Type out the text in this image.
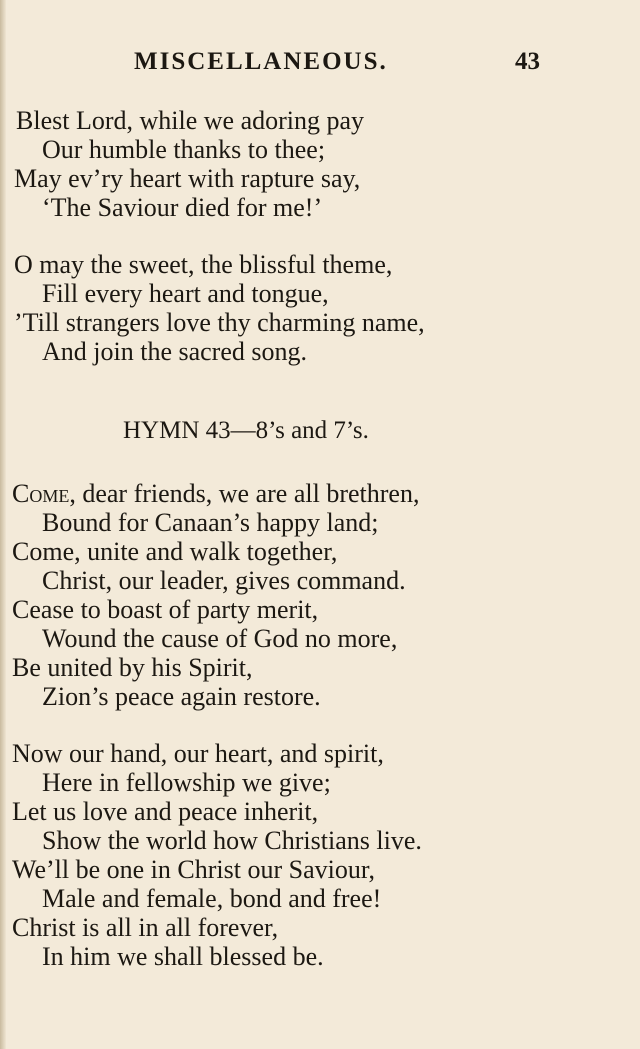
MISCELLANEOUS.	43
Blest Lord, while we adoring pay
Our humble thanks to thee;
May ev’ry heart with rapture say,
‘The Saviour died for me!’
O may the sweet, the blissful theme,
Fill every heart and tongue,
’Till strangers love thy charming name,
And join the sacred song.
HYMN 43—8’s and 7’s.
Come, dear friends, we are all brethren,
Bound for Canaan’s happy land;
Come, unite and walk together,
Christ, our leader, gives command.
Cease to boast of party merit,
Wound the cause of God no more,
Be united by his Spirit,
Zion’s peace again restore.
Now our hand, our heart, and spirit,
Here in fellowship we give;
Let us love and peace inherit,
Show the world how Christians live.
We’ll be one in Christ our Saviour,
Male and female, bond and free!
Christ is all in all forever,
In him we shall blessed be.
